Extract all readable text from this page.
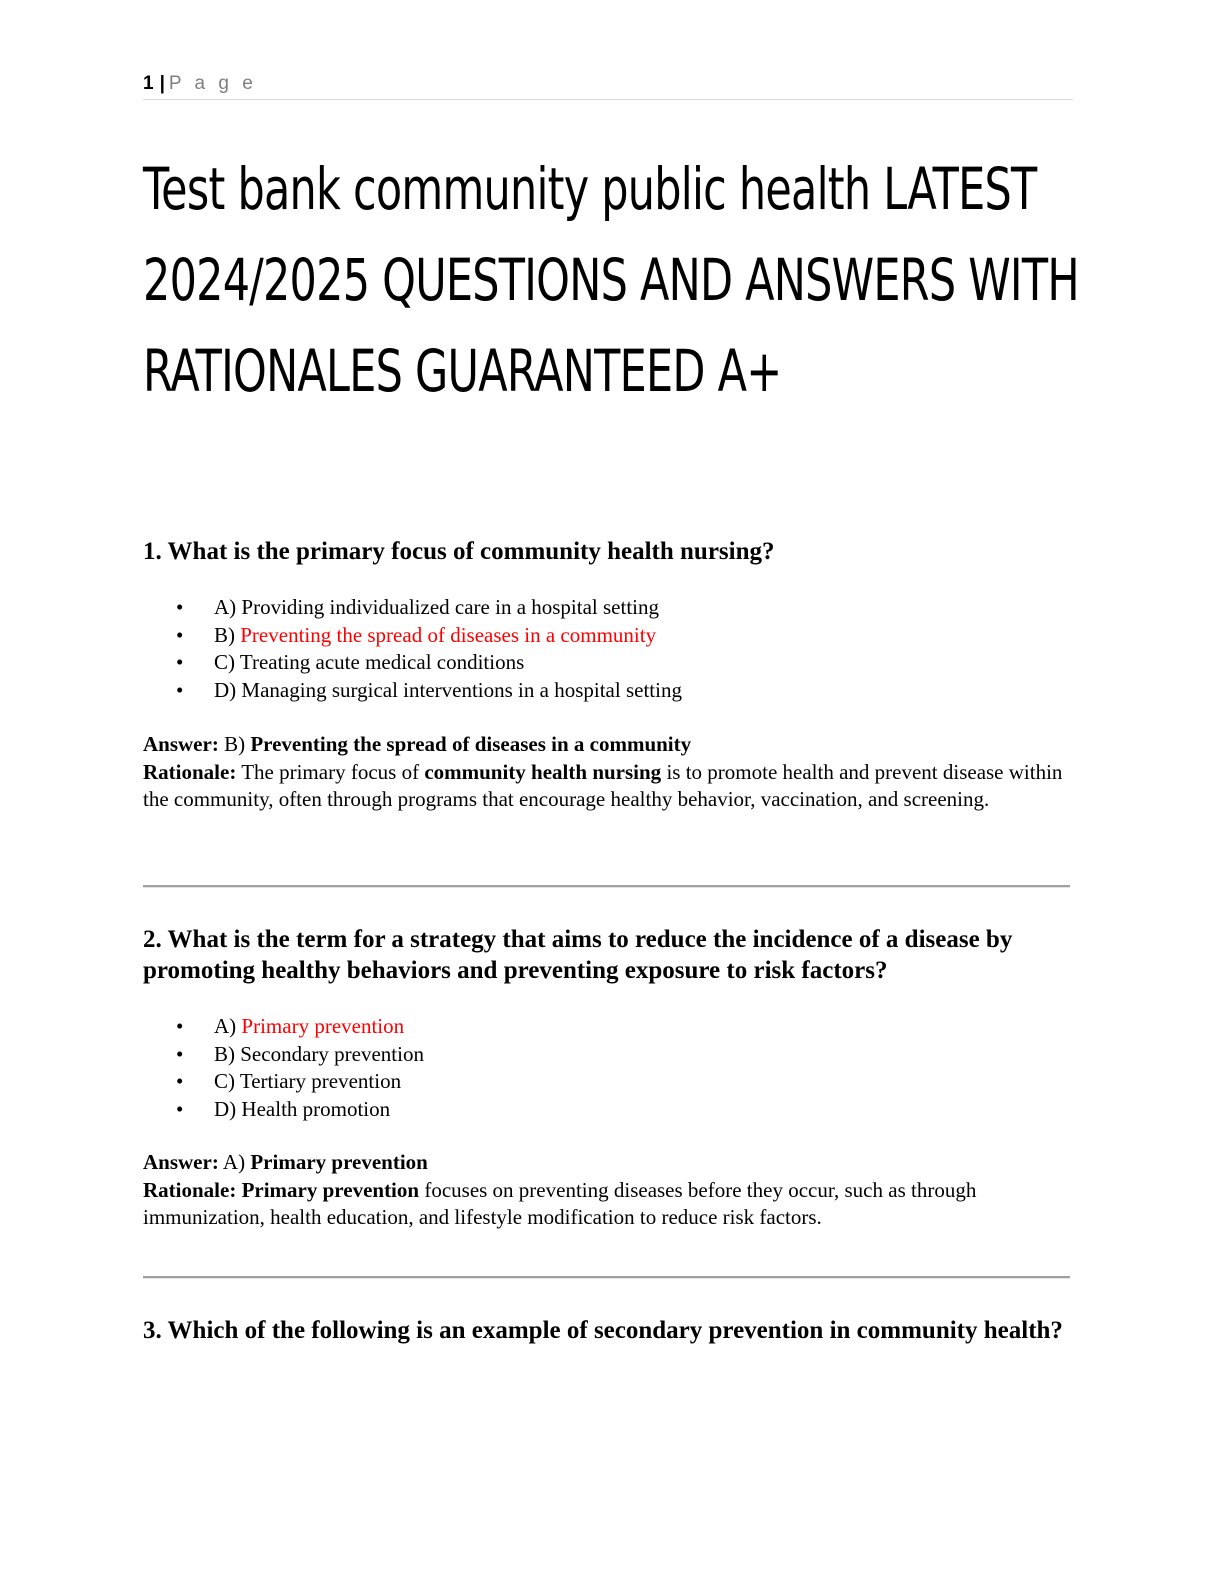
1 | P a g e
Test bank community public health LATEST 2024/2025 QUESTIONS AND ANSWERS WITH RATIONALES GUARANTEED A+
1. What is the primary focus of community health nursing?
• A) Providing individualized care in a hospital setting
• B) Preventing the spread of diseases in a community
• C) Treating acute medical conditions
• D) Managing surgical interventions in a hospital setting
Answer: B) Preventing the spread of diseases in a community
Rationale: The primary focus of community health nursing is to promote health and prevent disease within the community, often through programs that encourage healthy behavior, vaccination, and screening.
2. What is the term for a strategy that aims to reduce the incidence of a disease by promoting healthy behaviors and preventing exposure to risk factors?
• A) Primary prevention
• B) Secondary prevention
• C) Tertiary prevention
• D) Health promotion
Answer: A) Primary prevention
Rationale: Primary prevention focuses on preventing diseases before they occur, such as through immunization, health education, and lifestyle modification to reduce risk factors.
3. Which of the following is an example of secondary prevention in community health?
